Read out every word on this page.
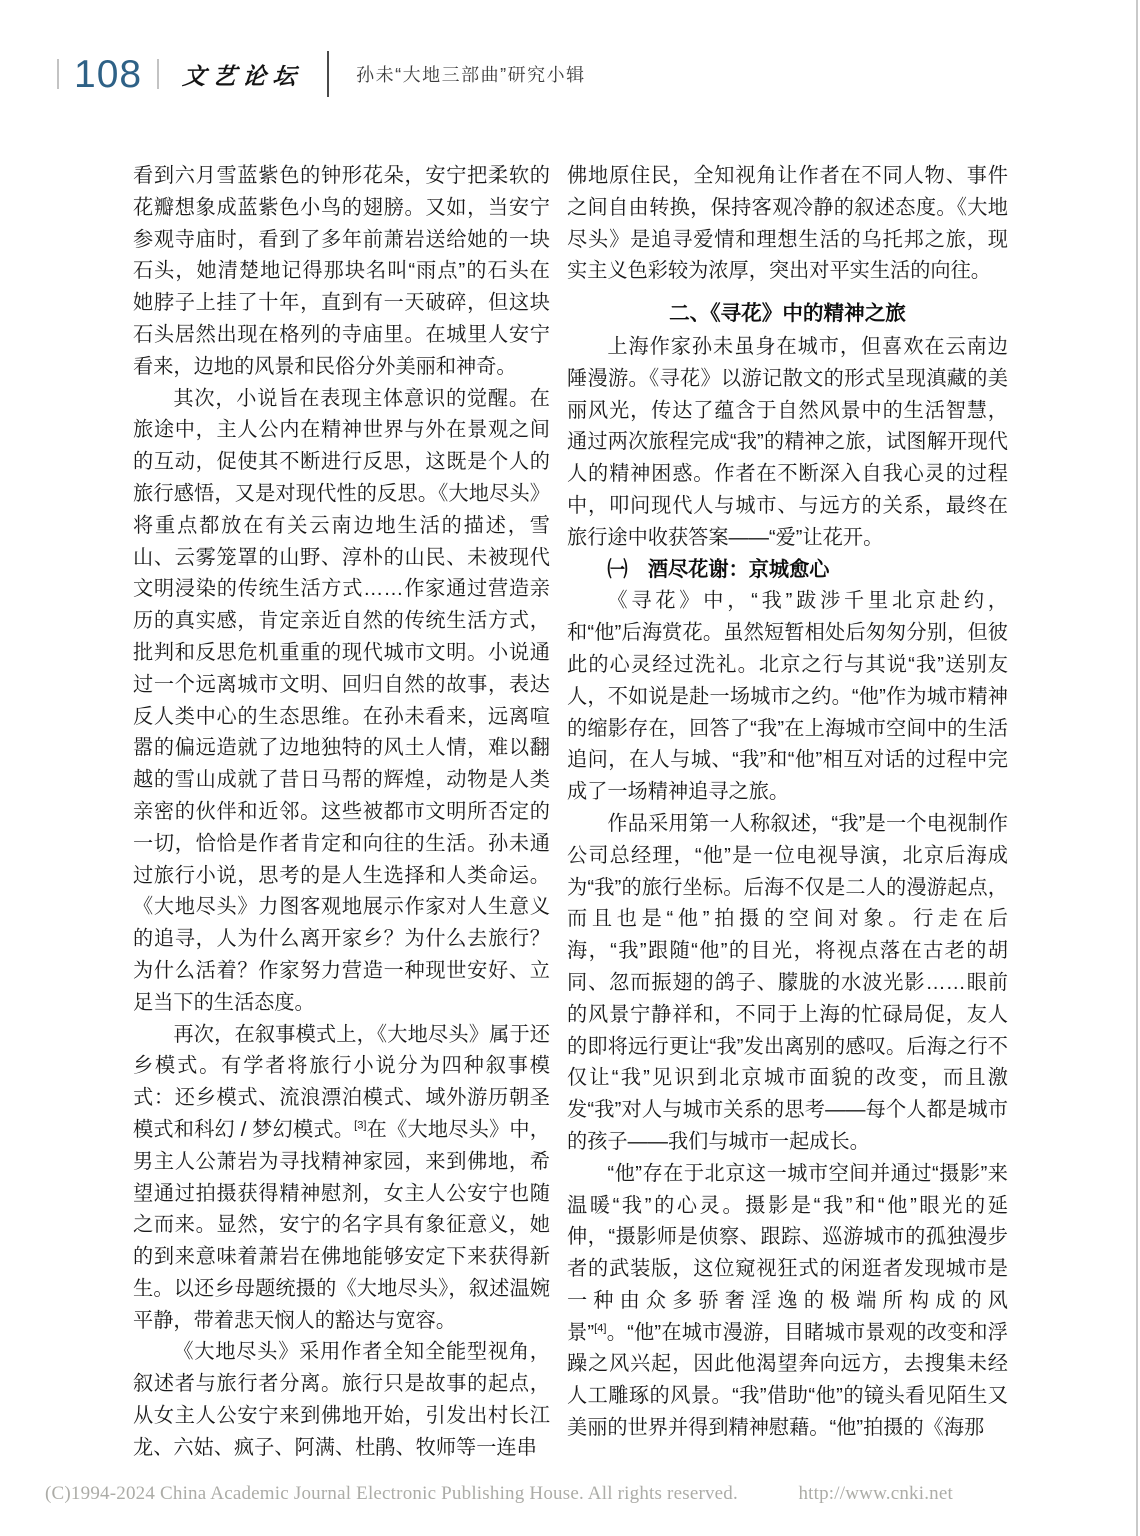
108 文艺论坛	孙未“大地三部曲”研究小辑

看到六月雪蓝紫色的钟形花朵，安宁把柔软的花瓣想象成蓝紫色小鸟的翅膀。又如，当安宁参观寺庙时，看到了多年前萧岩送给她的一块石头，她清楚地记得那块名叫“雨点”的石头在她脖子上挂了十年，直到有一天破碎，但这块石头居然出现在格列的寺庙里。在城里人安宁看来，边地的风景和民俗分外美丽和神奇。

其次，小说旨在表现主体意识的觉醒。在旅途中，主人公内在精神世界与外在景观之间的互动，促使其不断进行反思，这既是个人的旅行感悟，又是对现代性的反思。《大地尽头》将重点都放在有关云南边地生活的描述，雪山、云雾笼罩的山野、淳朴的山民、未被现代文明浸染的传统生活方式……作家通过营造亲历的真实感，肯定亲近自然的传统生活方式，批判和反思危机重重的现代城市文明。小说通过一个远离城市文明、回归自然的故事，表达反人类中心的生态思维。在孙未看来，远离喧嚣的偏远造就了边地独特的风土人情，难以翻越的雪山成就了昔日马帮的辉煌，动物是人类亲密的伙伴和近邻。这些被都市文明所否定的一切，恰恰是作者肯定和向往的生活。孙未通过旅行小说，思考的是人生选择和人类命运。《大地尽头》力图客观地展示作家对人生意义的追寻，人为什么离开家乡？为什么去旅行？为什么活着？作家努力营造一种现世安好、立足当下的生活态度。

再次，在叙事模式上，《大地尽头》属于还乡模式。有学者将旅行小说分为四种叙事模式：还乡模式、流浪漂泊模式、域外游历朝圣模式和科幻 / 梦幻模式。[3]在《大地尽头》中，男主人公萧岩为寻找精神家园，来到佛地，希望通过拍摄获得精神慰剂，女主人公安宁也随之而来。显然，安宁的名字具有象征意义，她的到来意味着萧岩在佛地能够安定下来获得新生。以还乡母题统摄的《大地尽头》，叙述温婉平静，带着悲天悯人的豁达与宽容。

《大地尽头》采用作者全知全能型视角，叙述者与旅行者分离。旅行只是故事的起点，从女主人公安宁来到佛地开始，引发出村长江龙、六姑、疯子、阿满、杜鹃、牧师等一连串

佛地原住民，全知视角让作者在不同人物、事件之间自由转换，保持客观冷静的叙述态度。《大地尽头》是追寻爱情和理想生活的乌托邦之旅，现实主义色彩较为浓厚，突出对平实生活的向往。

二、《寻花》中的精神之旅

上海作家孙未虽身在城市，但喜欢在云南边陲漫游。《寻花》以游记散文的形式呈现滇藏的美丽风光，传达了蕴含于自然风景中的生活智慧，通过两次旅程完成“我”的精神之旅，试图解开现代人的精神困惑。作者在不断深入自我心灵的过程中，叩问现代人与城市、与远方的关系，最终在旅行途中收获答案——“爱”让花开。

㈠　酒尽花谢：京城愈心

《寻花》中，“我”跋涉千里北京赴约，和“他”后海赏花。虽然短暂相处后匆匆分别，但彼此的心灵经过洗礼。北京之行与其说“我”送别友人，不如说是赴一场城市之约。“他”作为城市精神的缩影存在，回答了“我”在上海城市空间中的生活追问，在人与城、“我”和“他”相互对话的过程中完成了一场精神追寻之旅。

作品采用第一人称叙述，“我”是一个电视制作公司总经理，“他”是一位电视导演，北京后海成为“我”的旅行坐标。后海不仅是二人的漫游起点，而且也是“他”拍摄的空间对象。行走在后海，“我”跟随“他”的目光，将视点落在古老的胡同、忽而振翅的鸽子、朦胧的水波光影……眼前的风景宁静祥和，不同于上海的忙碌局促，友人的即将远行更让“我”发出离别的感叹。后海之行不仅让“我”见识到北京城市面貌的改变，而且激发“我”对人与城市关系的思考——每个人都是城市的孩子——我们与城市一起成长。

“他”存在于北京这一城市空间并通过“摄影”来温暖“我”的心灵。摄影是“我”和“他”眼光的延伸，“摄影师是侦察、跟踪、巡游城市的孤独漫步者的武装版，这位窥视狂式的闲逛者发现城市是一种由众多骄奢淫逸的极端所构成的风景”[4]。“他”在城市漫游，目睹城市景观的改变和浮躁之风兴起，因此他渴望奔向远方，去搜集未经人工雕琢的风景。“我”借助“他”的镜头看见陌生又美丽的世界并得到精神慰藉。“他”拍摄的《海那

(C)1994-2024 China Academic Journal Electronic Publishing House. All rights reserved.	http://www.cnki.net
